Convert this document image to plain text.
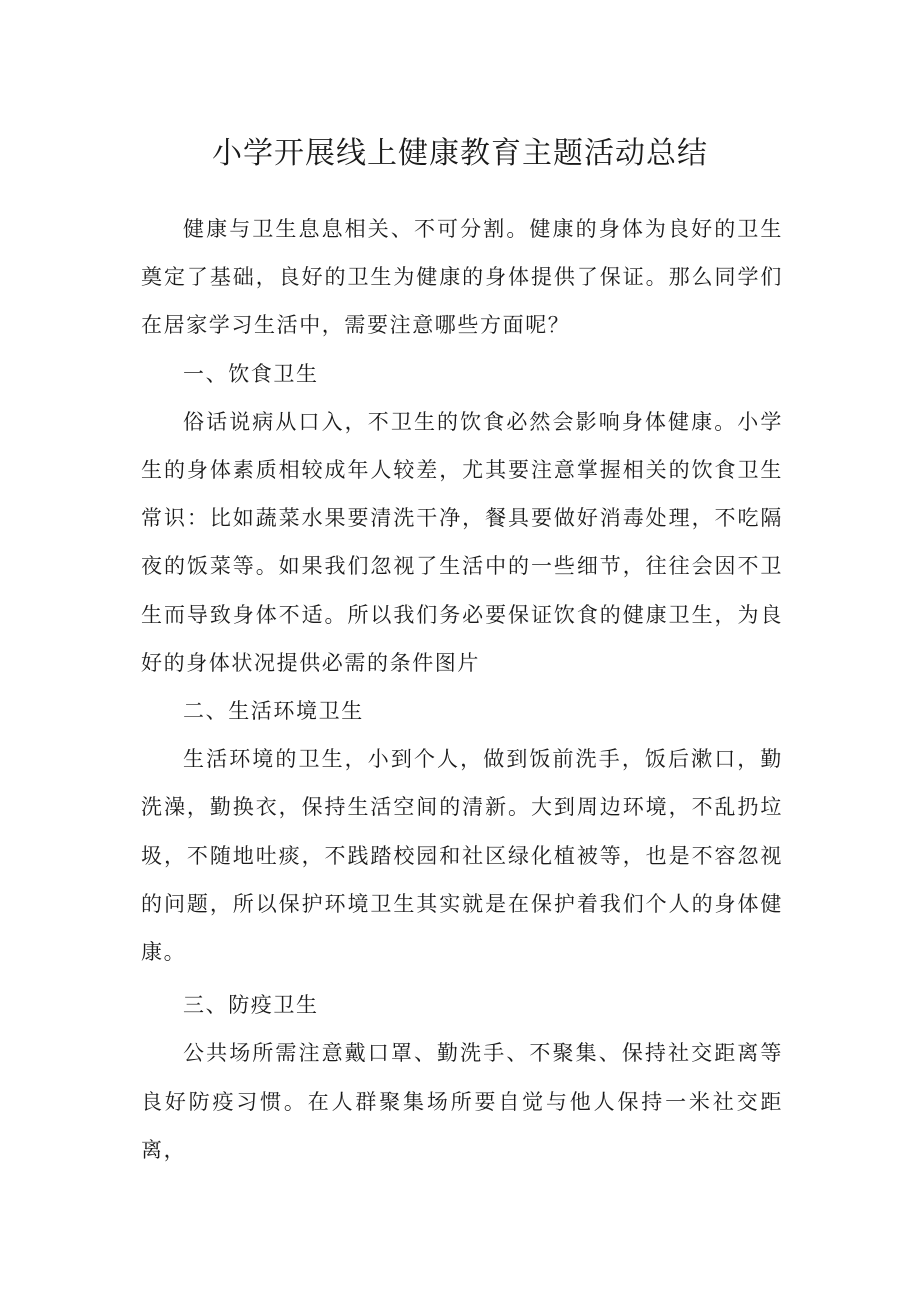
小学开展线上健康教育主题活动总结

健康与卫生息息相关、不可分割。健康的身体为良好的卫生奠定了基础，良好的卫生为健康的身体提供了保证。那么同学们在居家学习生活中，需要注意哪些方面呢？

一、饮食卫生

俗话说病从口入，不卫生的饮食必然会影响身体健康。小学生的身体素质相较成年人较差，尤其要注意掌握相关的饮食卫生常识：比如蔬菜水果要清洗干净，餐具要做好消毒处理，不吃隔夜的饭菜等。如果我们忽视了生活中的一些细节，往往会因不卫生而导致身体不适。所以我们务必要保证饮食的健康卫生，为良好的身体状况提供必需的条件图片

二、生活环境卫生

生活环境的卫生，小到个人，做到饭前洗手，饭后漱口，勤洗澡，勤换衣，保持生活空间的清新。大到周边环境，不乱扔垃圾，不随地吐痰，不践踏校园和社区绿化植被等，也是不容忽视的问题，所以保护环境卫生其实就是在保护着我们个人的身体健康。

三、防疫卫生

公共场所需注意戴口罩、勤洗手、不聚集、保持社交距离等良好防疫习惯。在人群聚集场所要自觉与他人保持一米社交距离，
